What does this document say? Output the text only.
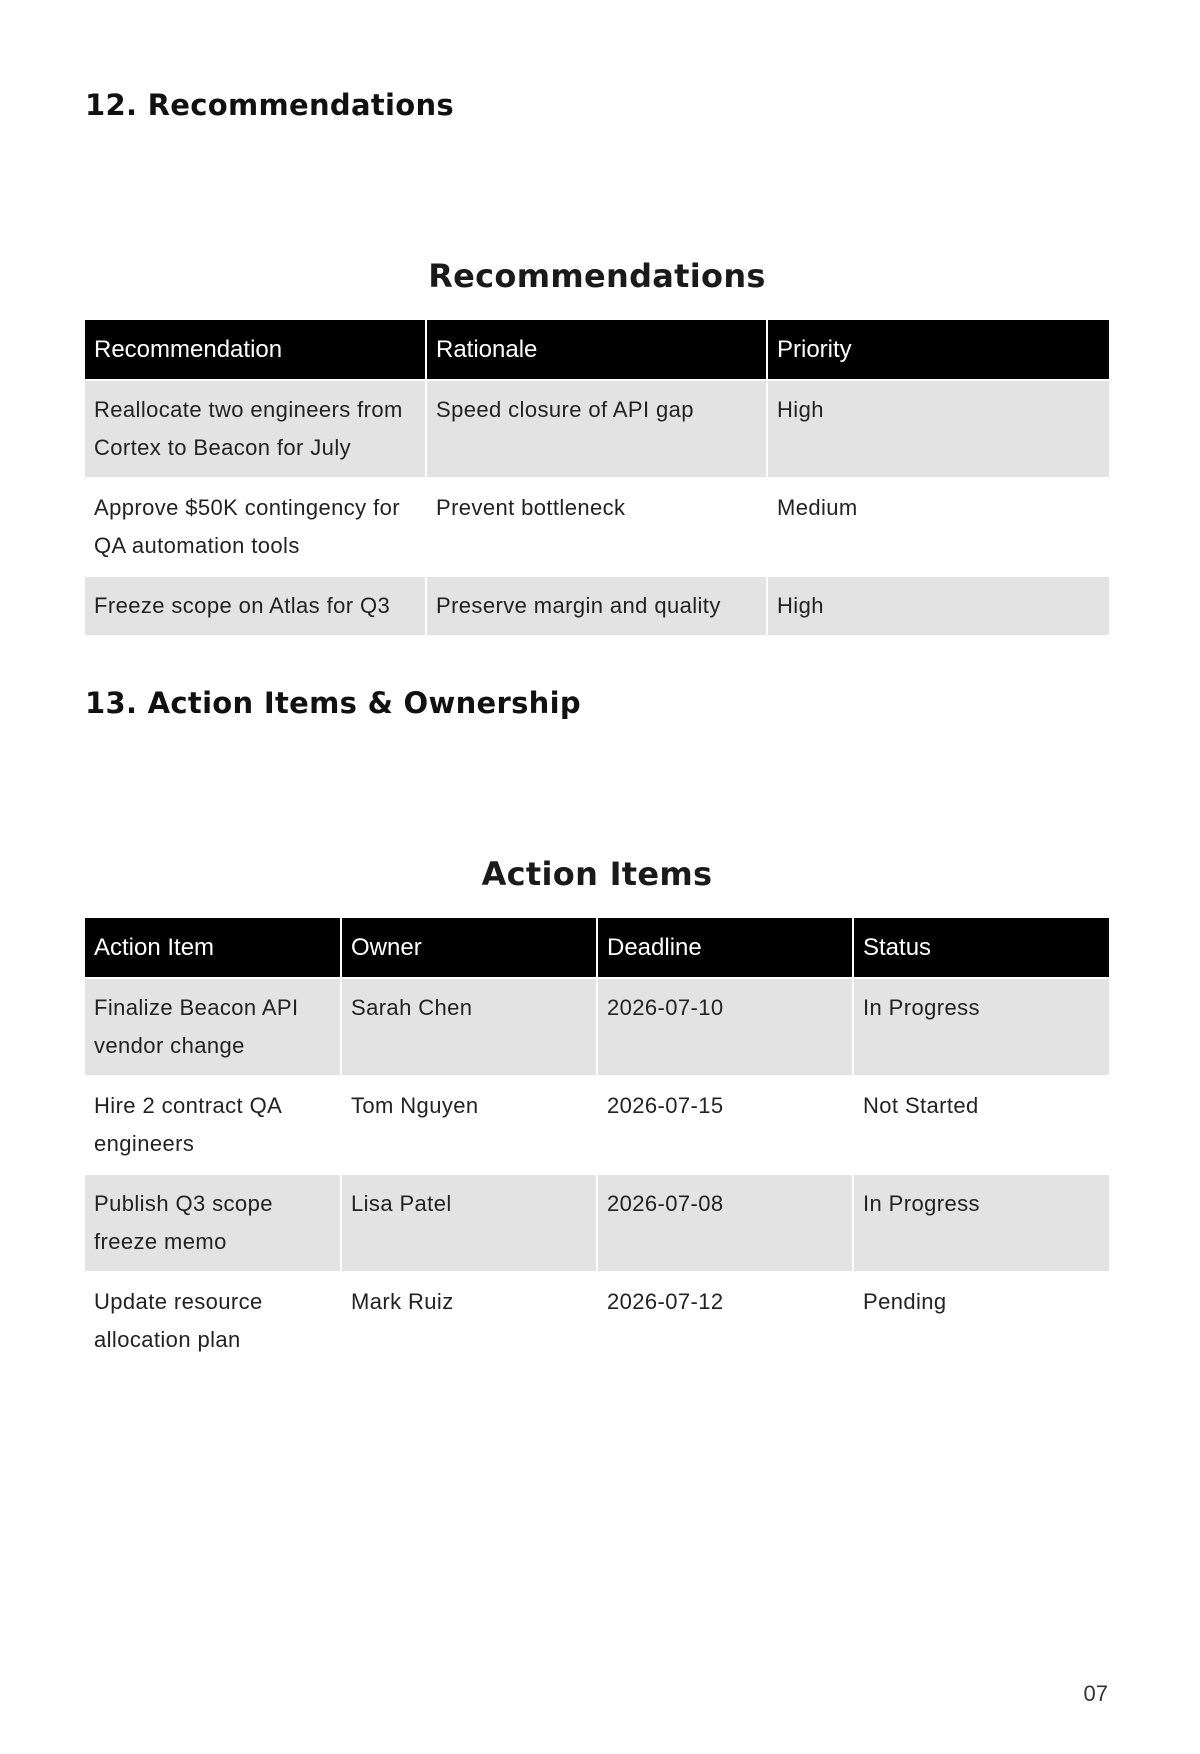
12. Recommendations
Recommendations
Recommendation	Rationale	Priority
Reallocate two engineers from Cortex to Beacon for July	Speed closure of API gap	High
Approve $50K contingency for QA automation tools	Prevent bottleneck	Medium
Freeze scope on Atlas for Q3	Preserve margin and quality	High
13. Action Items & Ownership
Action Items
Action Item	Owner	Deadline	Status
Finalize Beacon API vendor change	Sarah Chen	2026-07-10	In Progress
Hire 2 contract QA engineers	Tom Nguyen	2026-07-15	Not Started
Publish Q3 scope freeze memo	Lisa Patel	2026-07-08	In Progress
Update resource allocation plan	Mark Ruiz	2026-07-12	Pending
07
